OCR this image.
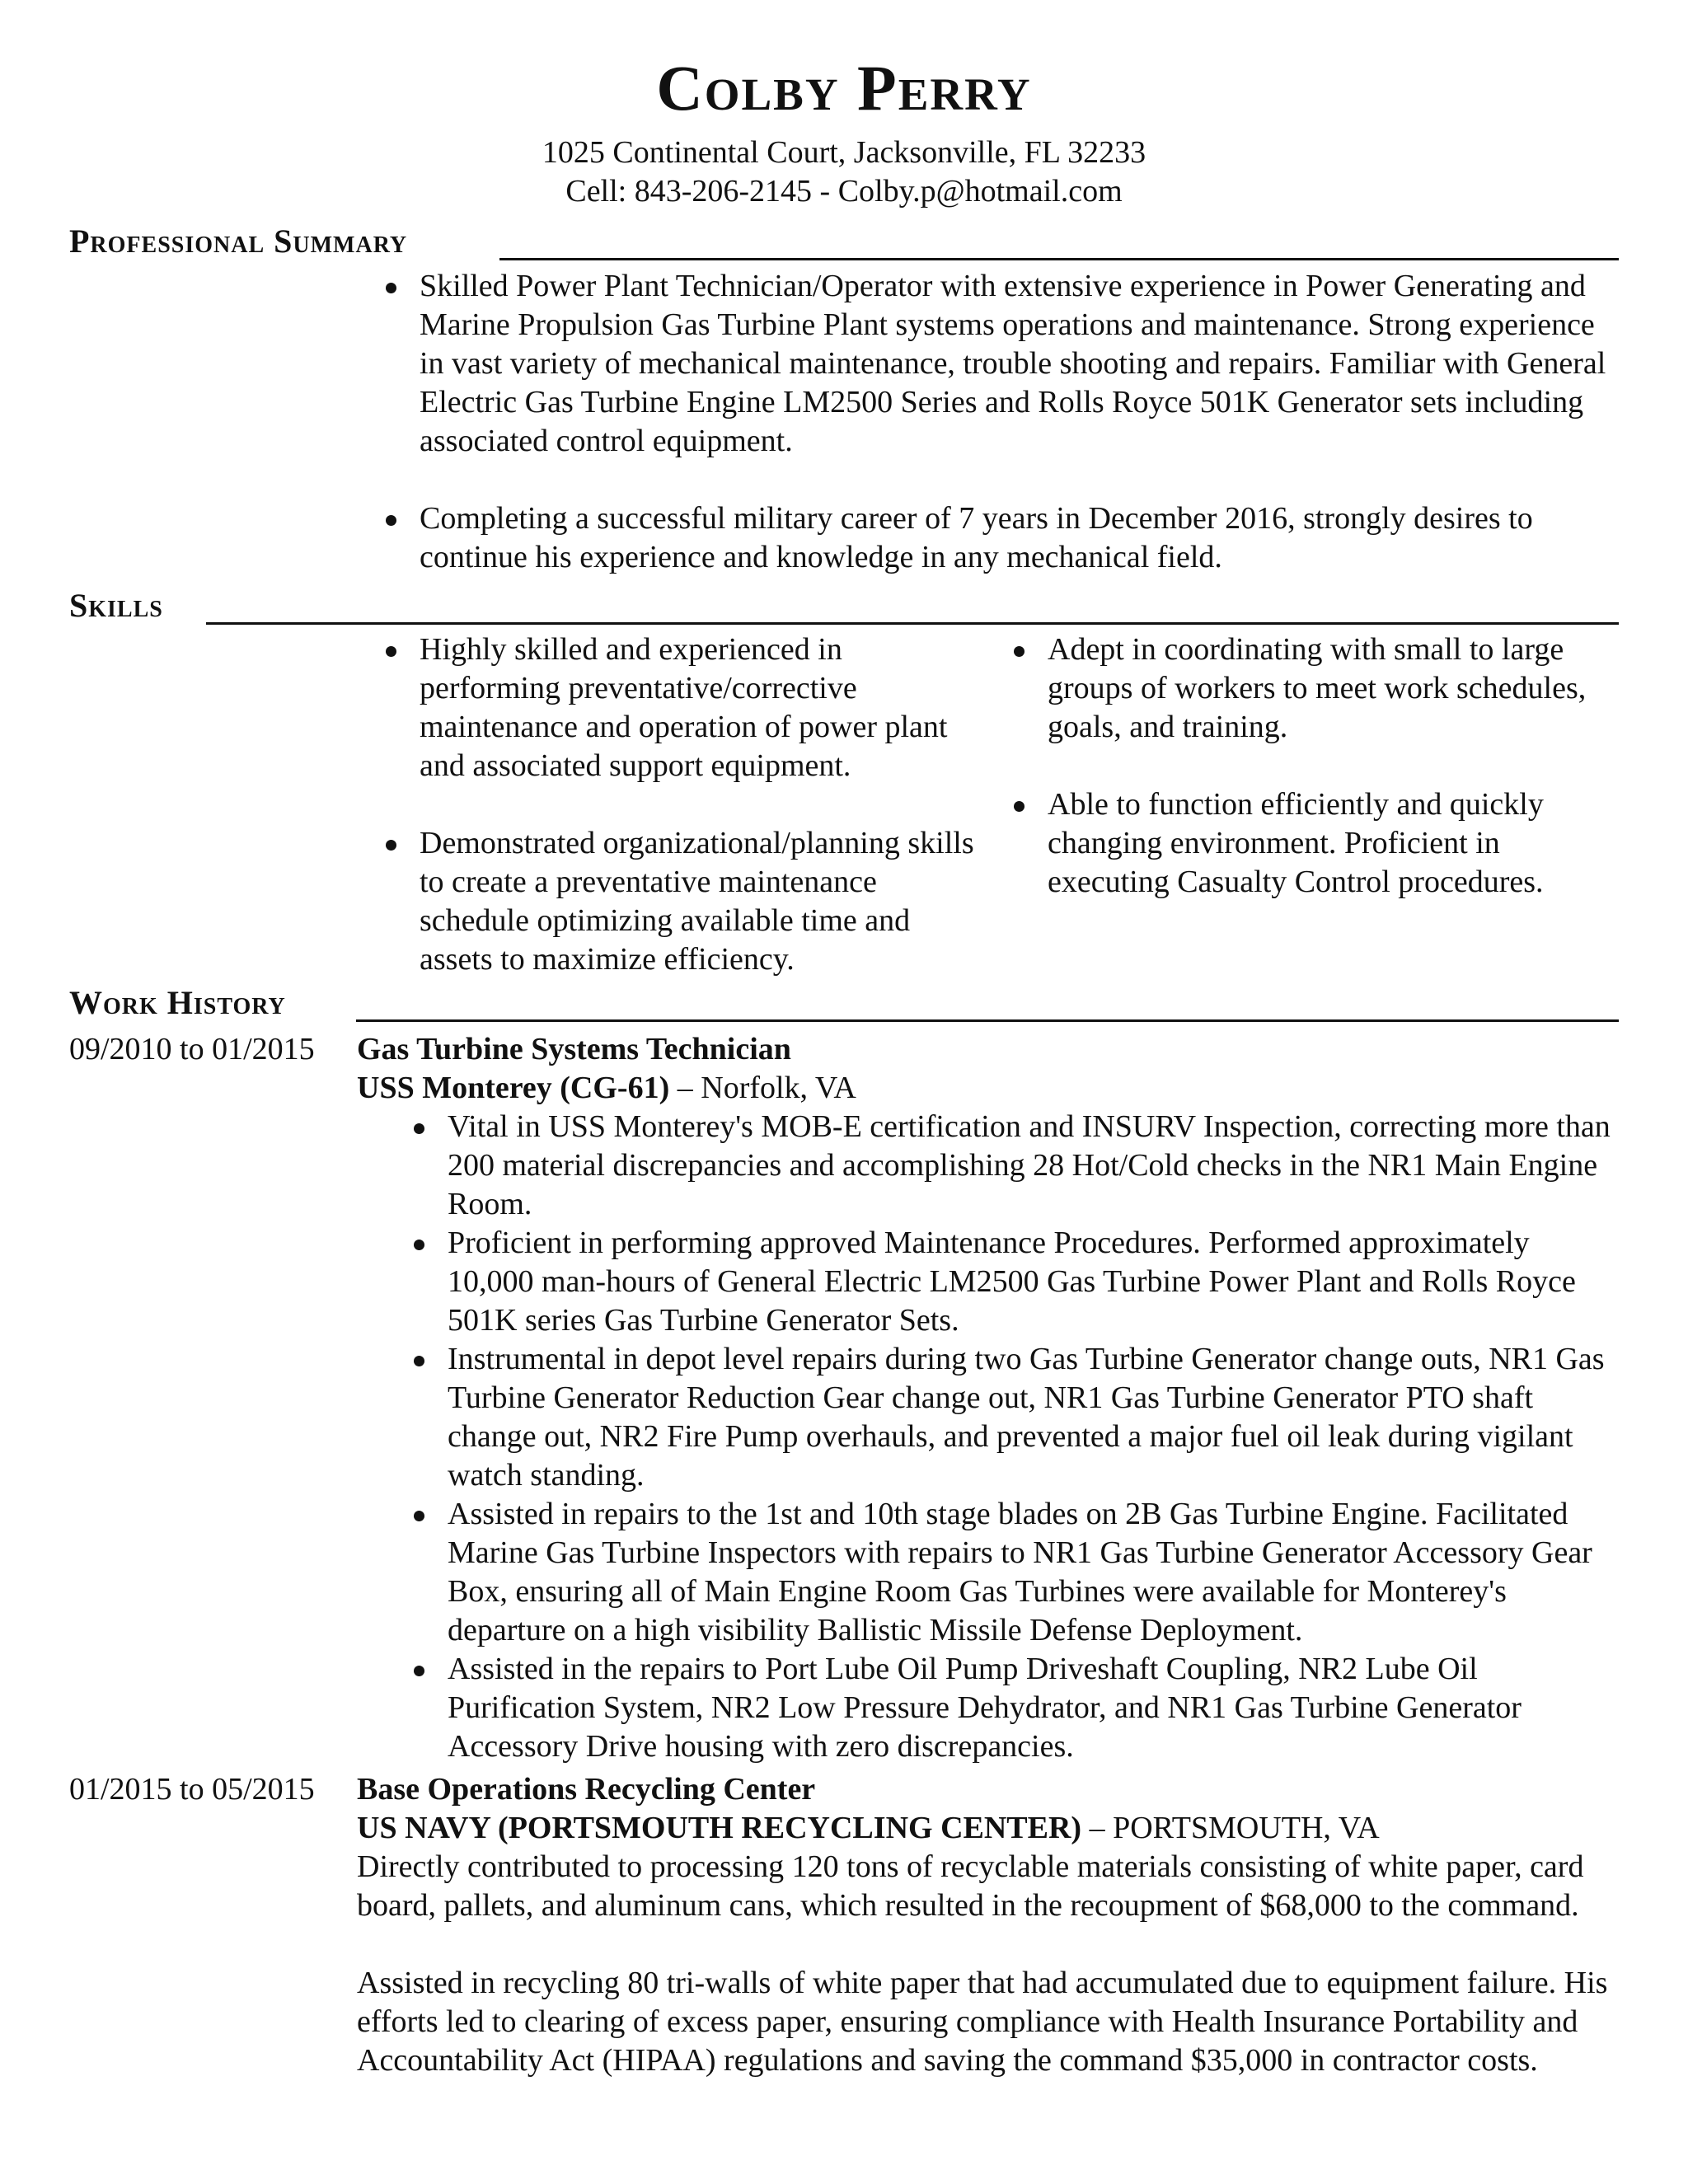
Colby Perry
1025 Continental Court, Jacksonville, FL 32233
Cell: 843-206-2145 - Colby.p@hotmail.com
Professional Summary
Skilled Power Plant Technician/Operator with extensive experience in Power Generating and Marine Propulsion Gas Turbine Plant systems operations and maintenance. Strong experience in vast variety of mechanical maintenance, trouble shooting and repairs. Familiar with General Electric Gas Turbine Engine LM2500 Series and Rolls Royce 501K Generator sets including associated control equipment.
Completing a successful military career of 7 years in December 2016, strongly desires to continue his experience and knowledge in any mechanical field.
Skills
Highly skilled and experienced in performing preventative/corrective maintenance and operation of power plant and associated support equipment.
Demonstrated organizational/planning skills to create a preventative maintenance schedule optimizing available time and assets to maximize efficiency.
Adept in coordinating with small to large groups of workers to meet work schedules, goals, and training.
Able to function efficiently and quickly changing environment. Proficient in executing Casualty Control procedures.
Work History
09/2010 to 01/2015 Gas Turbine Systems Technician
USS Monterey (CG-61) – Norfolk, VA
Vital in USS Monterey's MOB-E certification and INSURV Inspection, correcting more than 200 material discrepancies and accomplishing 28 Hot/Cold checks in the NR1 Main Engine Room.
Proficient in performing approved Maintenance Procedures. Performed approximately 10,000 man-hours of General Electric LM2500 Gas Turbine Power Plant and Rolls Royce 501K series Gas Turbine Generator Sets.
Instrumental in depot level repairs during two Gas Turbine Generator change outs, NR1 Gas Turbine Generator Reduction Gear change out, NR1 Gas Turbine Generator PTO shaft change out, NR2 Fire Pump overhauls, and prevented a major fuel oil leak during vigilant watch standing.
Assisted in repairs to the 1st and 10th stage blades on 2B Gas Turbine Engine. Facilitated Marine Gas Turbine Inspectors with repairs to NR1 Gas Turbine Generator Accessory Gear Box, ensuring all of Main Engine Room Gas Turbines were available for Monterey's departure on a high visibility Ballistic Missile Defense Deployment.
Assisted in the repairs to Port Lube Oil Pump Driveshaft Coupling, NR2 Lube Oil Purification System, NR2 Low Pressure Dehydrator, and NR1 Gas Turbine Generator Accessory Drive housing with zero discrepancies.
01/2015 to 05/2015 Base Operations Recycling Center
US NAVY (PORTSMOUTH RECYCLING CENTER) – PORTSMOUTH, VA
Directly contributed to processing 120 tons of recyclable materials consisting of white paper, card board, pallets, and aluminum cans, which resulted in the recoupment of $68,000 to the command.
Assisted in recycling 80 tri-walls of white paper that had accumulated due to equipment failure. His efforts led to clearing of excess paper, ensuring compliance with Health Insurance Portability and Accountability Act (HIPAA) regulations and saving the command $35,000 in contractor costs.
